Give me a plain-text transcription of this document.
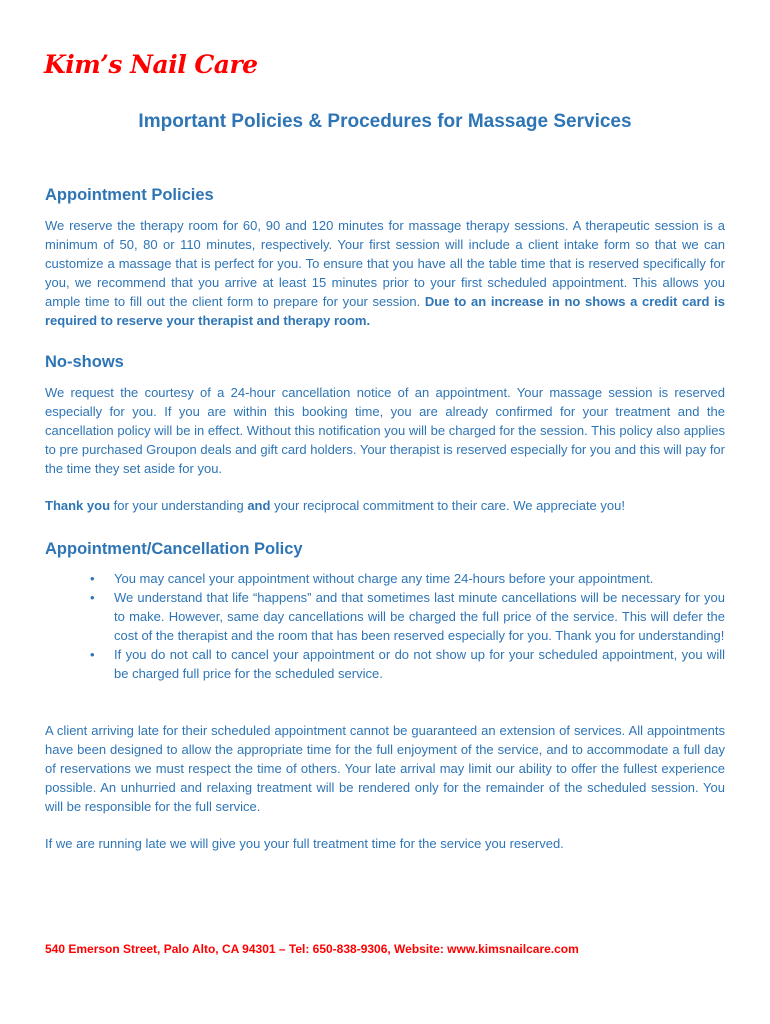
Kim’s Nail Care
Important Policies & Procedures for Massage Services
Appointment Policies
We reserve the therapy room for 60, 90 and 120 minutes for massage therapy sessions. A therapeutic session is a minimum of 50, 80 or 110 minutes, respectively. Your first session will include a client intake form so that we can customize a massage that is perfect for you. To ensure that you have all the table time that is reserved specifically for you, we recommend that you arrive at least 15 minutes prior to your first scheduled appointment. This allows you ample time to fill out the client form to prepare for your session. Due to an increase in no shows a credit card is required to reserve your therapist and therapy room.
No-shows
We request the courtesy of a 24-hour cancellation notice of an appointment. Your massage session is reserved especially for you. If you are within this booking time, you are already confirmed for your treatment and the cancellation policy will be in effect. Without this notification you will be charged for the session. This policy also applies to pre purchased Groupon deals and gift card holders. Your therapist is reserved especially for you and this will pay for the time they set aside for you.
Thank you for your understanding and your reciprocal commitment to their care. We appreciate you!
Appointment/Cancellation Policy
• You may cancel your appointment without charge any time 24-hours before your appointment.
• We understand that life “happens” and that sometimes last minute cancellations will be necessary for you to make. However, same day cancellations will be charged the full price of the service. This will defer the cost of the therapist and the room that has been reserved especially for you. Thank you for understanding!
• If you do not call to cancel your appointment or do not show up for your scheduled appointment, you will be charged full price for the scheduled service.
A client arriving late for their scheduled appointment cannot be guaranteed an extension of services. All appointments have been designed to allow the appropriate time for the full enjoyment of the service, and to accommodate a full day of reservations we must respect the time of others. Your late arrival may limit our ability to offer the fullest experience possible. An unhurried and relaxing treatment will be rendered only for the remainder of the scheduled session. You will be responsible for the full service.
If we are running late we will give you your full treatment time for the service you reserved.
540 Emerson Street, Palo Alto, CA 94301 – Tel: 650-838-9306, Website: www.kimsnailcare.com
